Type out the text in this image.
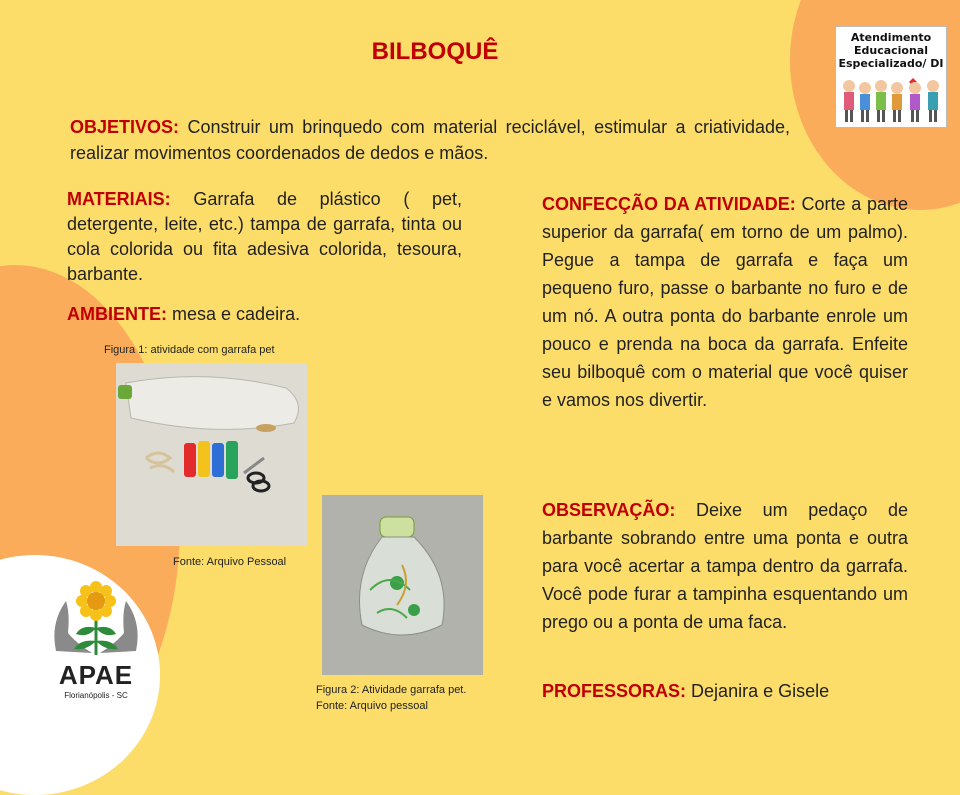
BILBOQUÊ
Atendimento
Educacional
Especializado/ DI
OBJETIVOS: Construir um brinquedo com material reciclável, estimular a criatividade, realizar movimentos coordenados de dedos e mãos.
MATERIAIS: Garrafa de plástico ( pet, detergente, leite, etc.) tampa de garrafa, tinta ou cola colorida ou fita adesiva colorida, tesoura, barbante.
AMBIENTE: mesa e cadeira.
CONFECÇÃO DA ATIVIDADE: Corte a parte superior da garrafa( em torno de um palmo). Pegue a tampa de garrafa e faça um pequeno furo, passe o barbante no furo e de um nó. A outra ponta do barbante enrole um pouco e prenda na boca da garrafa. Enfeite seu bilboquê com o material que você quiser e vamos nos divertir.
OBSERVAÇÃO: Deixe um pedaço de barbante sobrando entre uma ponta e outra para você acertar a tampa dentro da garrafa. Você pode furar a tampinha esquentando um prego ou a ponta de uma faca.
PROFESSORAS: Dejanira e Gisele
Figura 1: atividade com garrafa pet
Fonte: Arquivo Pessoal
Figura 2: Atividade garrafa pet.
Fonte: Arquivo pessoal
APAE
Florianópolis - SC
